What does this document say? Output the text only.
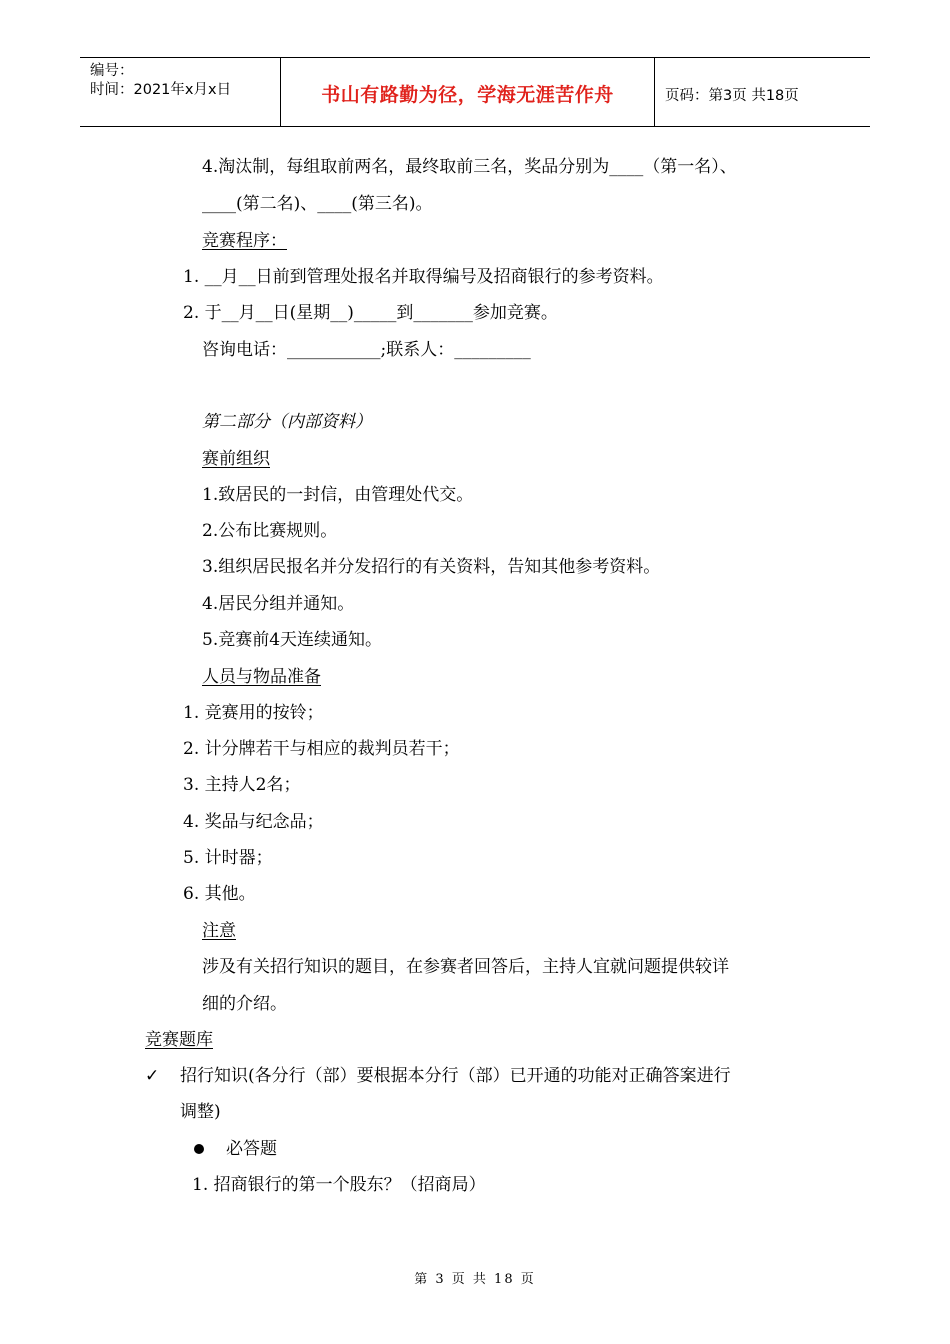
编号：
时间：2021年x月x日	书山有路勤为径，学海无涯苦作舟	页码：第3页 共18页
4.淘汰制，每组取前两名，最终取前三名，奖品分别为____（第一名）、
____(第二名)、____(第三名)。
竞赛程序：
1. __月__日前到管理处报名并取得编号及招商银行的参考资料。
2. 于__月__日(星期__)_____到_______参加竞赛。
咨询电话：___________;联系人：_________
第二部分（内部资料）
赛前组织
1.致居民的一封信，由管理处代交。
2.公布比赛规则。
3.组织居民报名并分发招行的有关资料，告知其他参考资料。
4.居民分组并通知。
5.竞赛前4天连续通知。
人员与物品准备
1. 竞赛用的按铃；
2. 计分牌若干与相应的裁判员若干；
3. 主持人2名；
4. 奖品与纪念品；
5. 计时器；
6. 其他。
注意
涉及有关招行知识的题目，在参赛者回答后，主持人宜就问题提供较详
细的介绍。
竞赛题库
✓ 招行知识(各分行（部）要根据本分行（部）已开通的功能对正确答案进行
调整)
必答题
1. 招商银行的第一个股东？（招商局）
第 3 页 共 18 页
